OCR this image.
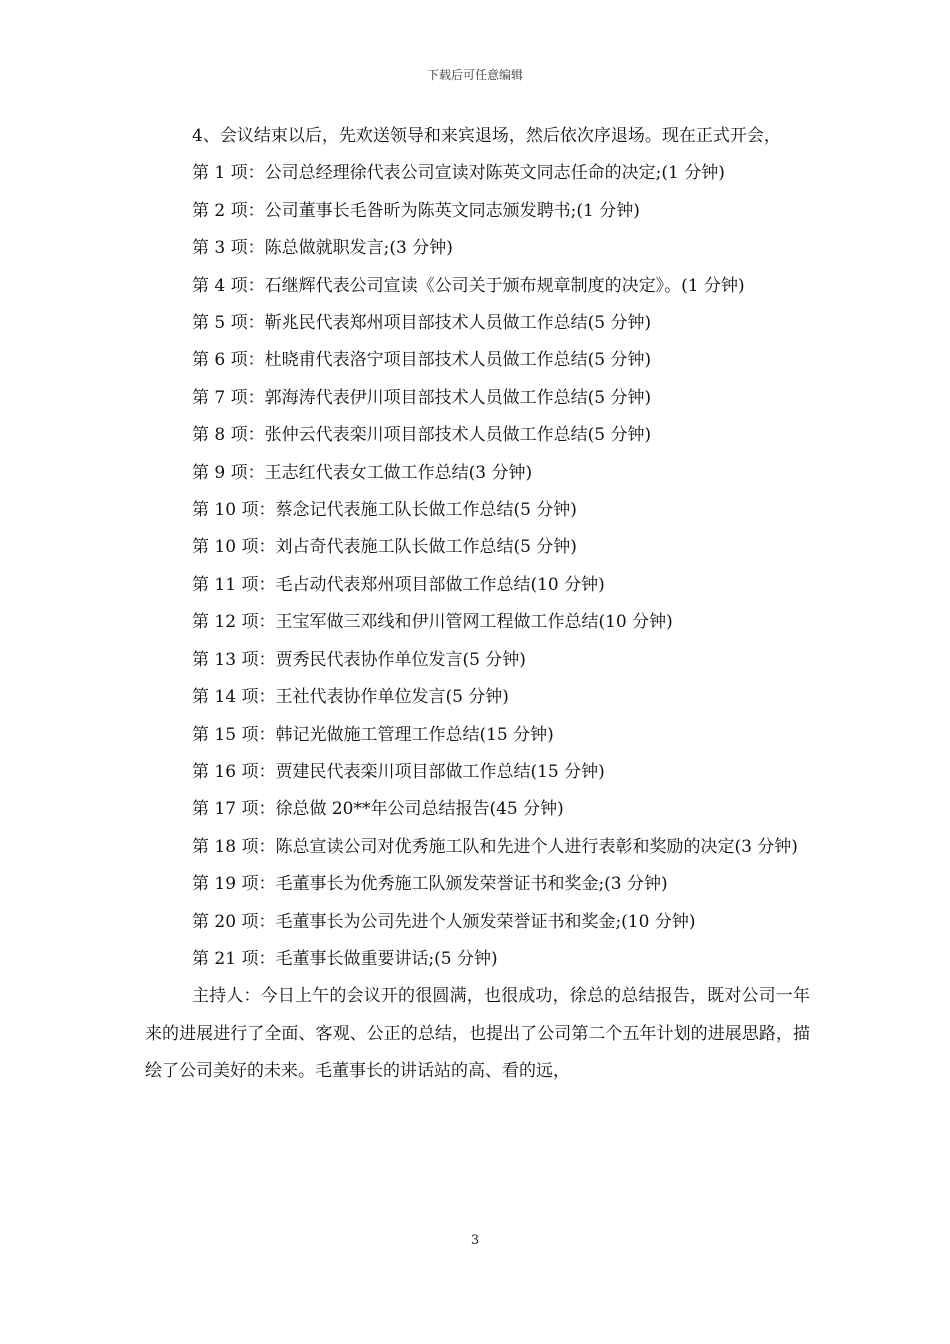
下载后可任意编辑

4、会议结束以后，先欢送领导和来宾退场，然后依次序退场。现在正式开会，

第 1 项：公司总经理徐代表公司宣读对陈英文同志任命的决定;(1 分钟)

第 2 项：公司董事长毛昝昕为陈英文同志颁发聘书;(1 分钟)

第 3 项：陈总做就职发言;(3 分钟)

第 4 项：石继辉代表公司宣读《公司关于颁布规章制度的决定》。(1 分钟)

第 5 项：靳兆民代表郑州项目部技术人员做工作总结(5 分钟)

第 6 项：杜晓甫代表洛宁项目部技术人员做工作总结(5 分钟)

第 7 项：郭海涛代表伊川项目部技术人员做工作总结(5 分钟)

第 8 项：张仲云代表栾川项目部技术人员做工作总结(5 分钟)

第 9 项：王志红代表女工做工作总结(3 分钟)

第 10 项：蔡念记代表施工队长做工作总结(5 分钟)

第 10 项：刘占奇代表施工队长做工作总结(5 分钟)

第 11 项：毛占动代表郑州项目部做工作总结(10 分钟)

第 12 项：王宝军做三邓线和伊川管网工程做工作总结(10 分钟)

第 13 项：贾秀民代表协作单位发言(5 分钟)

第 14 项：王社代表协作单位发言(5 分钟)

第 15 项：韩记光做施工管理工作总结(15 分钟)

第 16 项：贾建民代表栾川项目部做工作总结(15 分钟)

第 17 项：徐总做 20**年公司总结报告(45 分钟)

第 18 项：陈总宣读公司对优秀施工队和先进个人进行表彰和奖励的决定(3 分钟)

第 19 项：毛董事长为优秀施工队颁发荣誉证书和奖金;(3 分钟)

第 20 项：毛董事长为公司先进个人颁发荣誉证书和奖金;(10 分钟)

第 21 项：毛董事长做重要讲话;(5 分钟)

主持人：今日上午的会议开的很圆满，也很成功，徐总的总结报告，既对公司一年来的进展进行了全面、客观、公正的总结，也提出了公司第二个五年计划的进展思路，描绘了公司美好的未来。毛董事长的讲话站的高、看的远，

3
